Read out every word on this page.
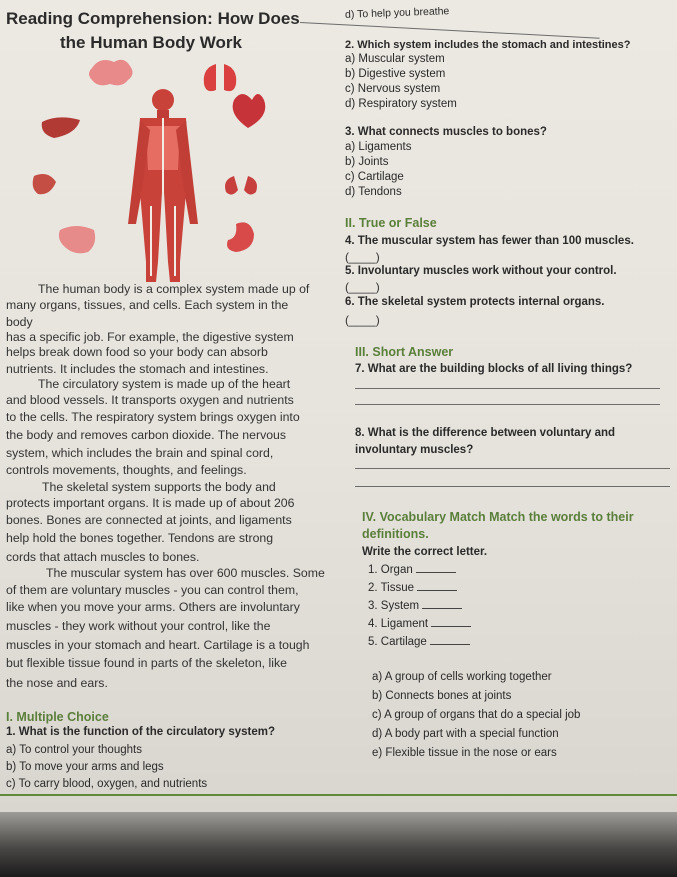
Reading Comprehension: How Does
the Human Body Work
The human body is a complex system made up of
many organs, tissues, and cells. Each system in the
body
has a specific job. For example, the digestive system
helps break down food so your body can absorb
nutrients. It includes the stomach and intestines.
The circulatory system is made up of the heart
and blood vessels. It transports oxygen and nutrients
to the cells. The respiratory system brings oxygen into
the body and removes carbon dioxide. The nervous
system, which includes the brain and spinal cord,
controls movements, thoughts, and feelings.
The skeletal system supports the body and
protects important organs. It is made up of about 206
bones. Bones are connected at joints, and ligaments
help hold the bones together. Tendons are strong
cords that attach muscles to bones.
The muscular system has over 600 muscles. Some
of them are voluntary muscles - you can control them,
like when you move your arms. Others are involuntary
muscles - they work without your control, like the
muscles in your stomach and heart. Cartilage is a tough
but flexible tissue found in parts of the skeleton, like
the nose and ears.
I. Multiple Choice
1. What is the function of the circulatory system?
a) To control your thoughts
b) To move your arms and legs
c) To carry blood, oxygen, and nutrients
d) To help you breathe
2. Which system includes the stomach and intestines?
a) Muscular system
b) Digestive system
c) Nervous system
d) Respiratory system
3. What connects muscles to bones?
a) Ligaments
b) Joints
c) Cartilage
d) Tendons
II. True or False
4. The muscular system has fewer than 100 muscles.
(____)
5. Involuntary muscles work without your control.
(____)
6. The skeletal system protects internal organs.
(____)
III. Short Answer
7. What are the building blocks of all living things?
8. What is the difference between voluntary and
involuntary muscles?
IV. Vocabulary Match Match the words to their
definitions.
Write the correct letter.
1. Organ
2. Tissue
3. System
4. Ligament
5. Cartilage
a) A group of cells working together
b) Connects bones at joints
c) A group of organs that do a special job
d) A body part with a special function
e) Flexible tissue in the nose or ears
